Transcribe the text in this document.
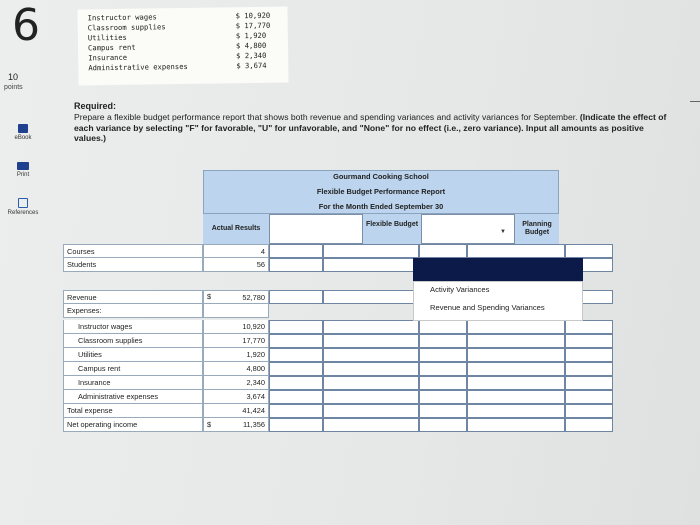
6
10
points
eBook
Print
References
Instructor wages	$ 10,920
Classroom supplies	$ 17,770
Utilities	$ 1,920
Campus rent	$ 4,800
Insurance	$ 2,340
Administrative expenses	$ 3,674
Required:
Prepare a flexible budget performance report that shows both revenue and spending variances and activity variances for September. (Indicate the effect of each variance by selecting "F" for favorable, "U" for unfavorable, and "None" for no effect (i.e., zero variance). Input all amounts as positive values.)
Gourmand Cooking School
Flexible Budget Performance Report
For the Month Ended September 30
Actual Results
Flexible Budget	Planning Budget
Courses	4
Students	56
Revenue	52,780
$
Expenses:
Instructor wages	10,920
Classroom supplies	17,770
Utilities	1,920
Campus rent	4,800
Insurance	2,340
Administrative expenses	3,674
Total expense	41,424
Net operating income	11,356
$
▼
Activity Variances
Revenue and Spending Variances
